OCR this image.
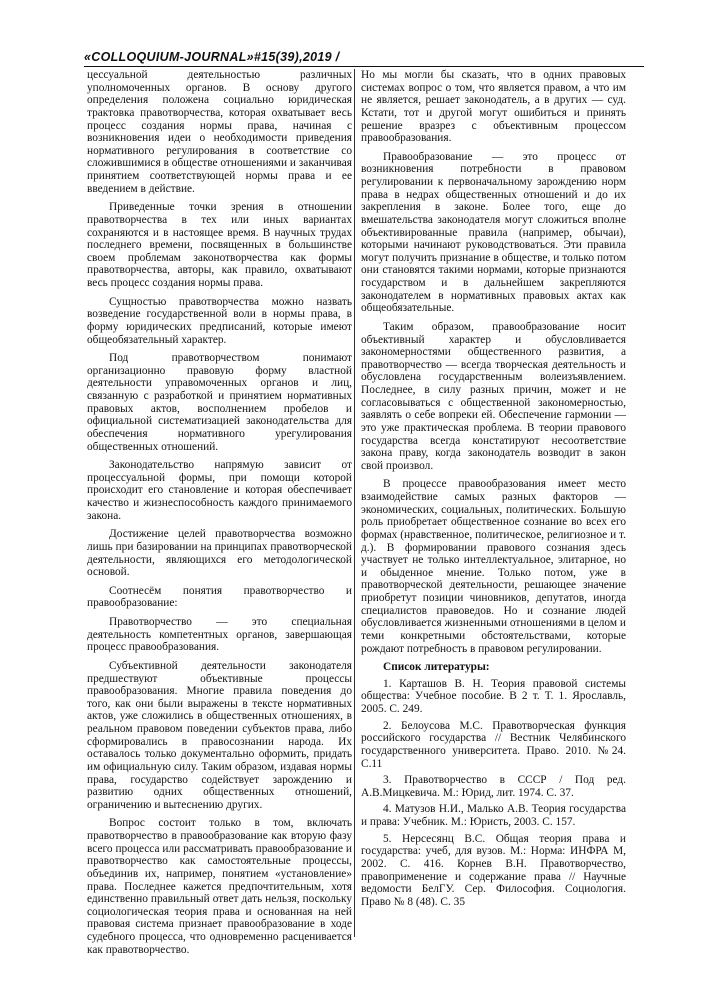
«COLLOQUIUM-JOURNAL»#15(39),2019 /

цессуальной деятельностью различных уполномоченных органов. В основу другого определения положена социально юридическая трактовка правотворчества, которая охватывает весь процесс создания нормы права, начиная с возникновения идеи о необходимости приведения нормативного регулирования в соответствие со сложившимися в обществе отношениями и заканчивая принятием соответствующей нормы права и ее введением в действие.

Приведенные точки зрения в отношении правотворчества в тех или иных вариантах сохраняются и в настоящее время. В научных трудах последнего времени, посвященных в большинстве своем проблемам законотворчества как формы правотворчества, авторы, как правило, охватывают весь процесс создания нормы права.

Сущностью правотворчества можно назвать возведение государственной воли в нормы права, в форму юридических предписаний, которые имеют общеобязательный характер.

Под правотворчеством понимают организационно правовую форму властной деятельности управомоченных органов и лиц, связанную с разработкой и принятием нормативных правовых актов, восполнением пробелов и официальной систематизацией законодательства для обеспечения нормативного урегулирования общественных отношений.

Законодательство напрямую зависит от процессуальной формы, при помощи которой происходит его становление и которая обеспечивает качество и жизнеспособность каждого принимаемого закона.

Достижение целей правотворчества возможно лишь при базировании на принципах правотворческой деятельности, являющихся его методологической основой.

Соотнесём понятия правотворчество и правообразование:

Правотворчество — это специальная деятельность компетентных органов, завершающая процесс правообразования.

Субъективной деятельности законодателя предшествуют объективные процессы правообразования. Многие правила поведения до того, как они были выражены в тексте нормативных актов, уже сложились в общественных отношениях, в реальном правовом поведении субъектов права, либо сформировались в правосознании народа. Их оставалось только документально оформить, придать им официальную силу. Таким образом, издавая нормы права, государство содействует зарождению и развитию одних общественных отношений, ограничению и вытеснению других.

Вопрос состоит только в том, включать правотворчество в правообразование как вторую фазу всего процесса или рассматривать правообразование и правотворчество как самостоятельные процессы, объединив их, например, понятием «установление» права. Последнее кажется предпочтительным, хотя единственно правильный ответ дать нельзя, поскольку социологическая теория права и основанная на ней правовая система признает правообразование в ходе судебного процесса, что одновременно расценивается как правотворчество.

Но мы могли бы сказать, что в одних правовых системах вопрос о том, что является правом, а что им не является, решает законодатель, а в других — суд. Кстати, тот и другой могут ошибиться и принять решение вразрез с объективным процессом правообразования.

Правообразование — это процесс от возникновения потребности в правовом регулировании к первоначальному зарождению норм права в недрах общественных отношений и до их закрепления в законе. Более того, еще до вмешательства законодателя могут сложиться вполне объективированные правила (например, обычаи), которыми начинают руководствоваться. Эти правила могут получить признание в обществе, и только потом они становятся такими нормами, которые признаются государством и в дальнейшем закрепляются законодателем в нормативных правовых актах как общеобязательные.

Таким образом, правообразование носит объективный характер и обусловливается закономерностями общественного развития, а правотворчество — всегда творческая деятельность и обусловлена государственным волеизъявлением. Последнее, в силу разных причин, может и не согласовываться с общественной закономерностью, заявлять о себе вопреки ей. Обеспечение гармонии — это уже практическая проблема. В теории правового государства всегда констатируют несоответствие закона праву, когда законодатель возводит в закон свой произвол.

В процессе правообразования имеет место взаимодействие самых разных факторов — экономических, социальных, политических. Большую роль приобретает общественное сознание во всех его формах (нравственное, политическое, религиозное и т. д.). В формировании правового сознания здесь участвует не только интеллектуальное, элитарное, но и обыденное мнение. Только потом, уже в правотворческой деятельности, решающее значение приобретут позиции чиновников, депутатов, иногда специалистов правоведов. Но и сознание людей обусловливается жизненными отношениями в целом и теми конкретными обстоятельствами, которые рождают потребность в правовом регулировании.

Список литературы:

1. Карташов В. Н. Теория правовой системы общества: Учебное пособие. В 2 т. Т. 1. Ярославль, 2005. С. 249.

2. Белоусова М.С. Правотворческая функция российского государства // Вестник Челябинского государственного университета. Право. 2010. №24. С.11

3. Правотворчество в СССР / Под ред. А.В.Мицкевича. М.: Юрид, лит. 1974. С. 37.

4. Матузов Н.И., Малько А.В. Теория государства и права: Учебник. М.: Юристь, 2003. С. 157.

5. Нерсесянц В.С. Общая теория права и государства: учеб, для вузов. М.: Норма: ИНФРА М, 2002. С. 416. Корнев В.Н. Правотворчество, правоприменение и содержание права // Научные ведомости БелГУ. Сер. Философия. Социология. Право № 8 (48). С. 35
